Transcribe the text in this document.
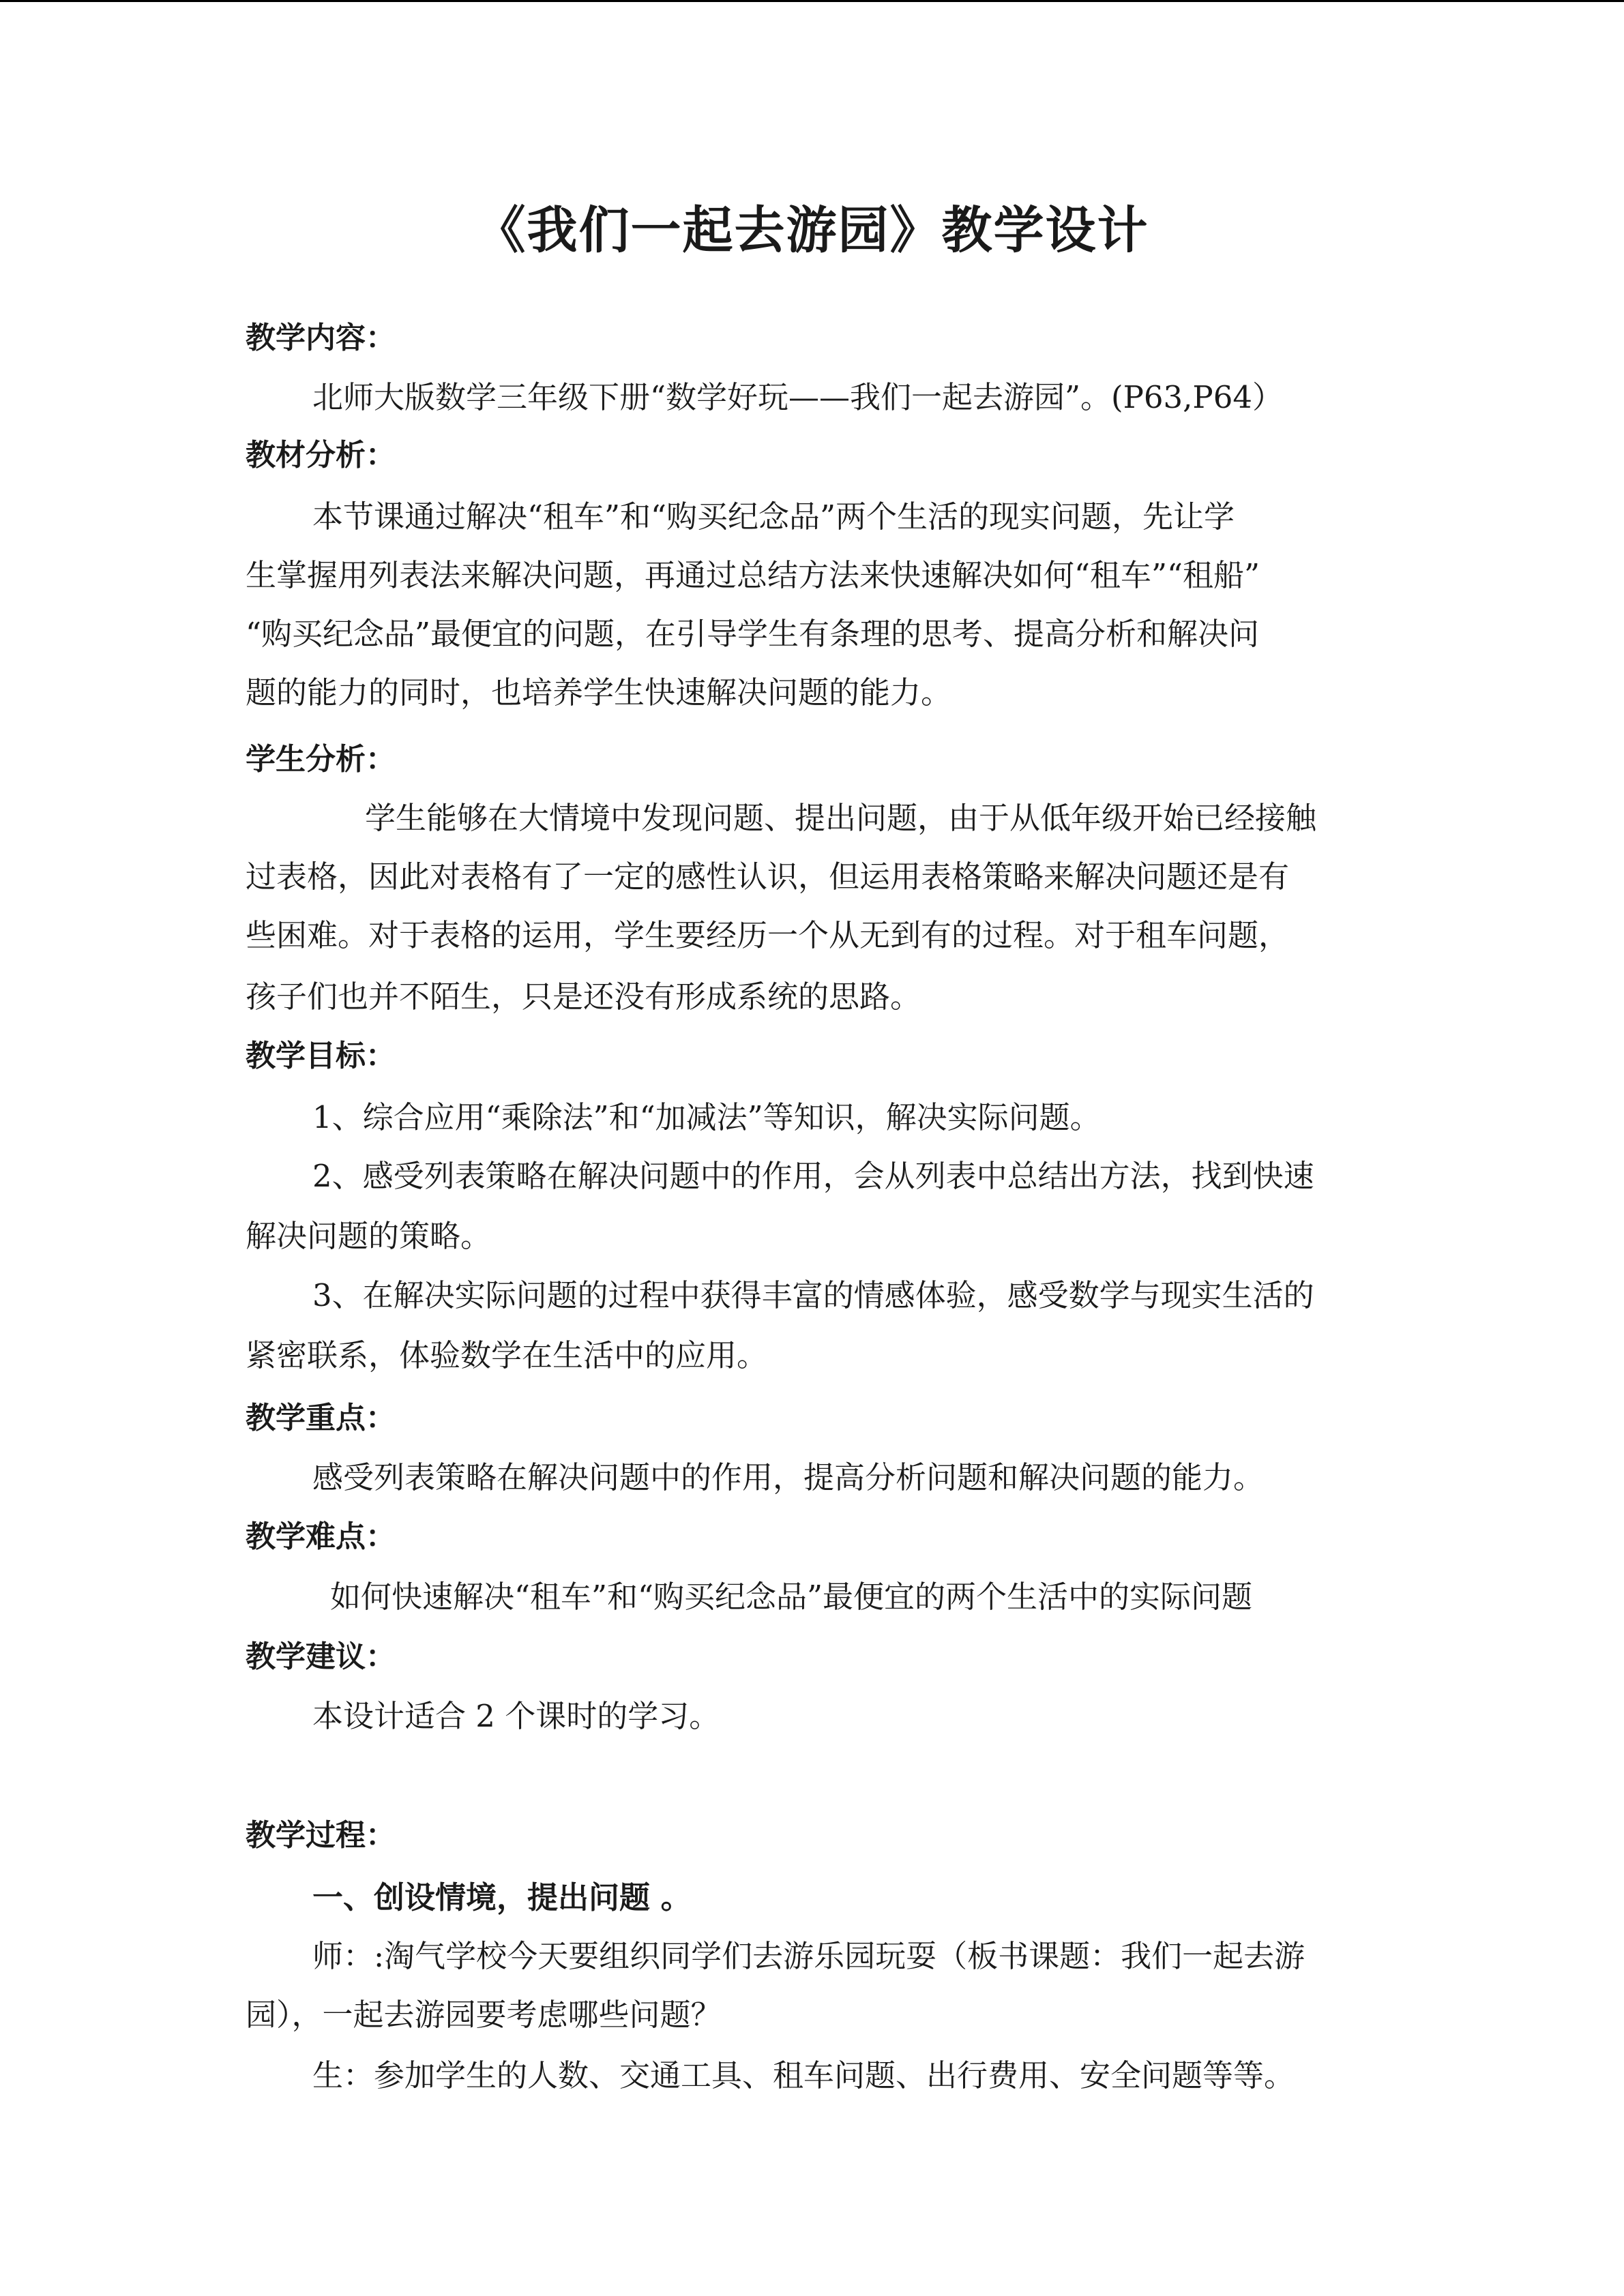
《我们一起去游园》教学设计
教学内容：
北师大版数学三年级下册“数学好玩——我们一起去游园”。(P63,P64）
教材分析：
本节课通过解决“租车”和“购买纪念品”两个生活的现实问题，先让学
生掌握用列表法来解决问题，再通过总结方法来快速解决如何“租车”“租船”
“购买纪念品”最便宜的问题，在引导学生有条理的思考、提高分析和解决问
题的能力的同时，也培养学生快速解决问题的能力。
学生分析：
学生能够在大情境中发现问题、提出问题，由于从低年级开始已经接触
过表格，因此对表格有了一定的感性认识，但运用表格策略来解决问题还是有
些困难。对于表格的运用，学生要经历一个从无到有的过程。对于租车问题，
孩子们也并不陌生，只是还没有形成系统的思路。
教学目标：
1、综合应用“乘除法”和“加减法”等知识，解决实际问题。
2、感受列表策略在解决问题中的作用，会从列表中总结出方法，找到快速
解决问题的策略。
3、在解决实际问题的过程中获得丰富的情感体验，感受数学与现实生活的
紧密联系，体验数学在生活中的应用。
教学重点：
感受列表策略在解决问题中的作用，提高分析问题和解决问题的能力。
教学难点：
如何快速解决“租车”和“购买纪念品”最便宜的两个生活中的实际问题
教学建议：
本设计适合 2 个课时的学习。
教学过程：
一、创设情境，提出问题 。
师：:淘气学校今天要组织同学们去游乐园玩耍（板书课题：我们一起去游
园），一起去游园要考虑哪些问题？
生：参加学生的人数、交通工具、租车问题、出行费用、安全问题等等。
